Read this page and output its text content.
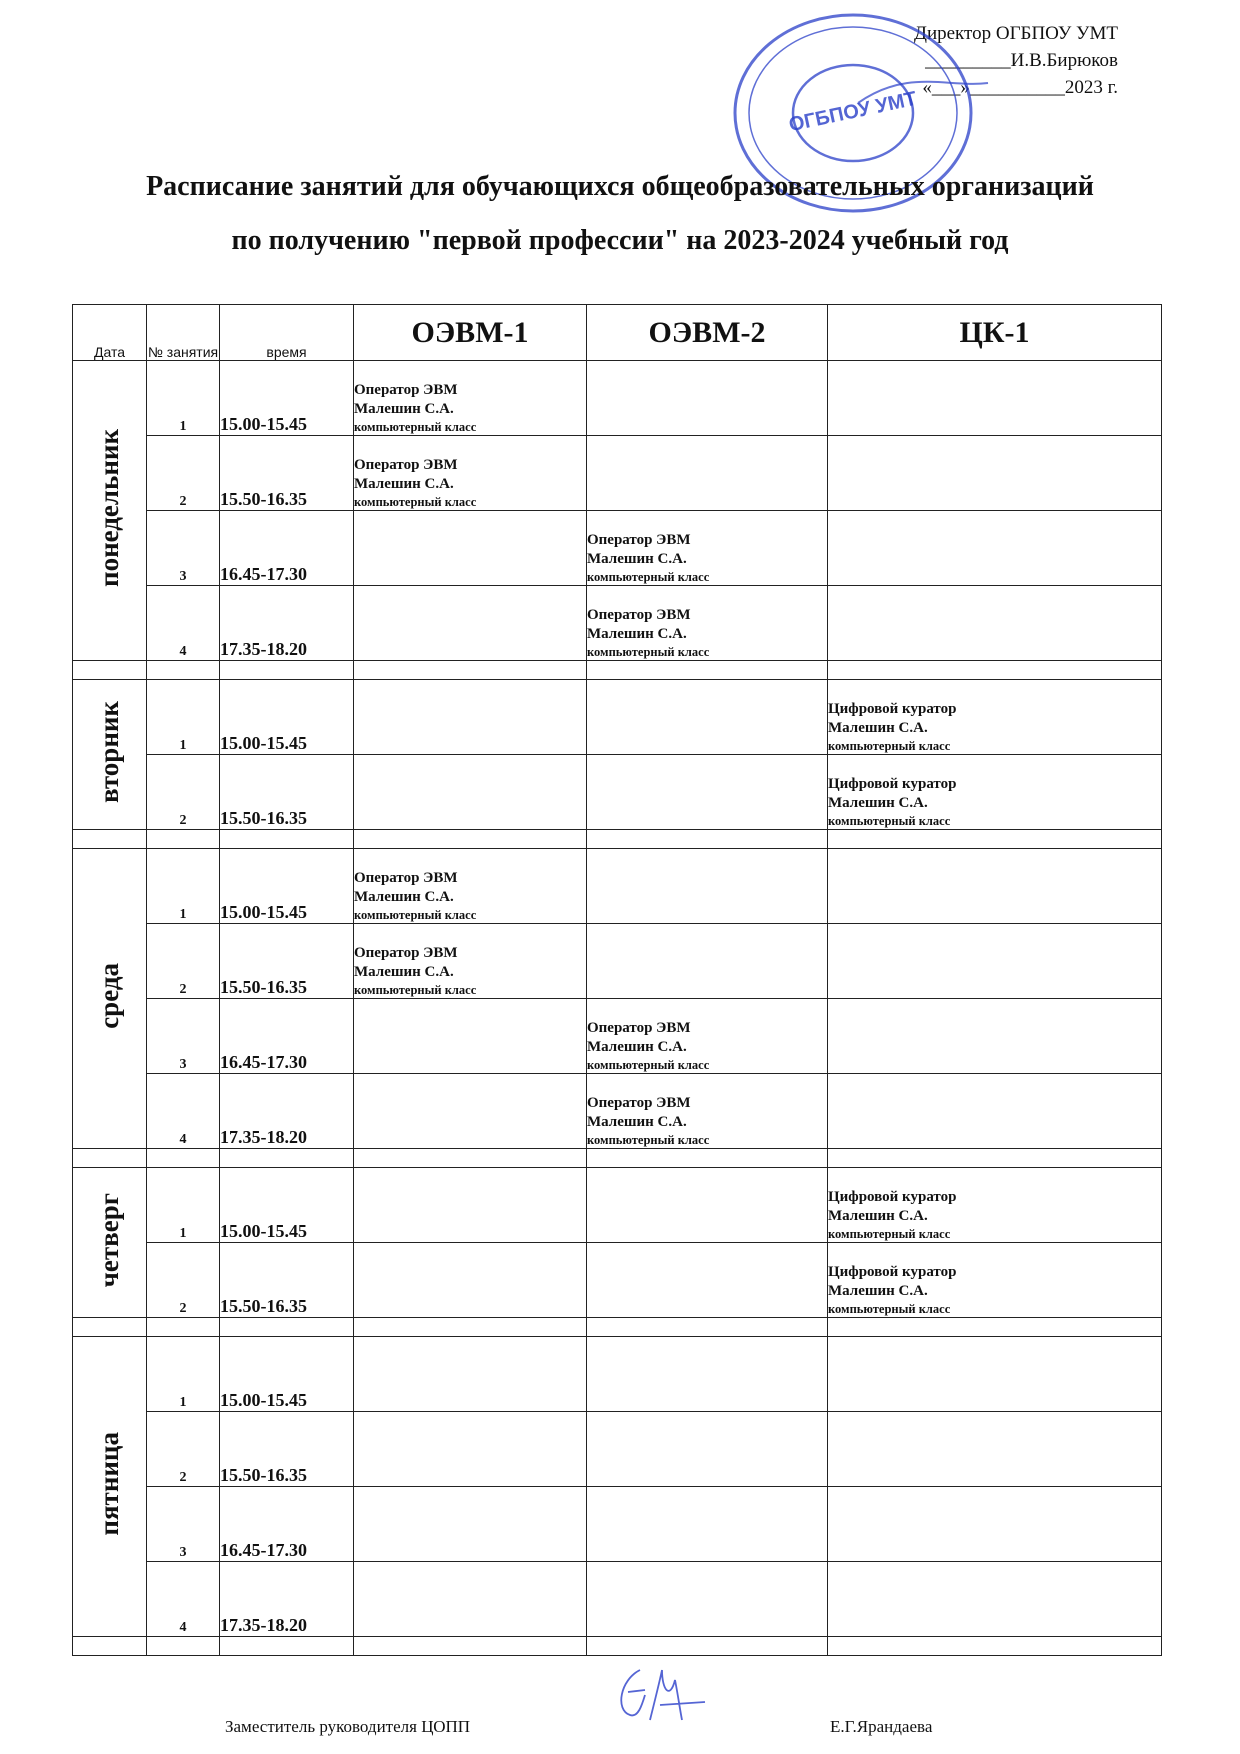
Директор ОГБПОУ УМТ
_________И.В.Бирюков
«___»__________2023 г.
ОГБПОУ УМТ
Расписание занятий для обучающихся общеобразовательных организаций
по получению "первой профессии" на 2023-2024 учебный год
Дата	№ занятия	время	ОЭВМ-1	ОЭВМ-2	ЦК-1
понедельник	1	15.00-15.45	Оператор ЭВМ
Малешин С.А.
компьютерный класс		

	2	15.50-16.35	Оператор ЭВМ
Малешин С.А.
компьютерный класс		

	3	16.45-17.30		Оператор ЭВМ
Малешин С.А.
компьютерный класс	

	4	17.35-18.20		Оператор ЭВМ
Малешин С.А.
компьютерный класс	

вторник	1	15.00-15.45			Цифровой куратор
Малешин С.А.
компьютерный класс

	2	15.50-16.35			Цифровой куратор
Малешин С.А.
компьютерный класс

среда	1	15.00-15.45	Оператор ЭВМ
Малешин С.А.
компьютерный класс		

	2	15.50-16.35	Оператор ЭВМ
Малешин С.А.
компьютерный класс		

	3	16.45-17.30		Оператор ЭВМ
Малешин С.А.
компьютерный класс	

	4	17.35-18.20		Оператор ЭВМ
Малешин С.А.
компьютерный класс	

четверг	1	15.00-15.45			Цифровой куратор
Малешин С.А.
компьютерный класс

	2	15.50-16.35			Цифровой куратор
Малешин С.А.
компьютерный класс

пятница	1	15.00-15.45			
	2	15.50-16.35			
	3	16.45-17.30			
	4	17.35-18.20			

Заместитель руководителя ЦОПП	Е.Г.Ярандаева
